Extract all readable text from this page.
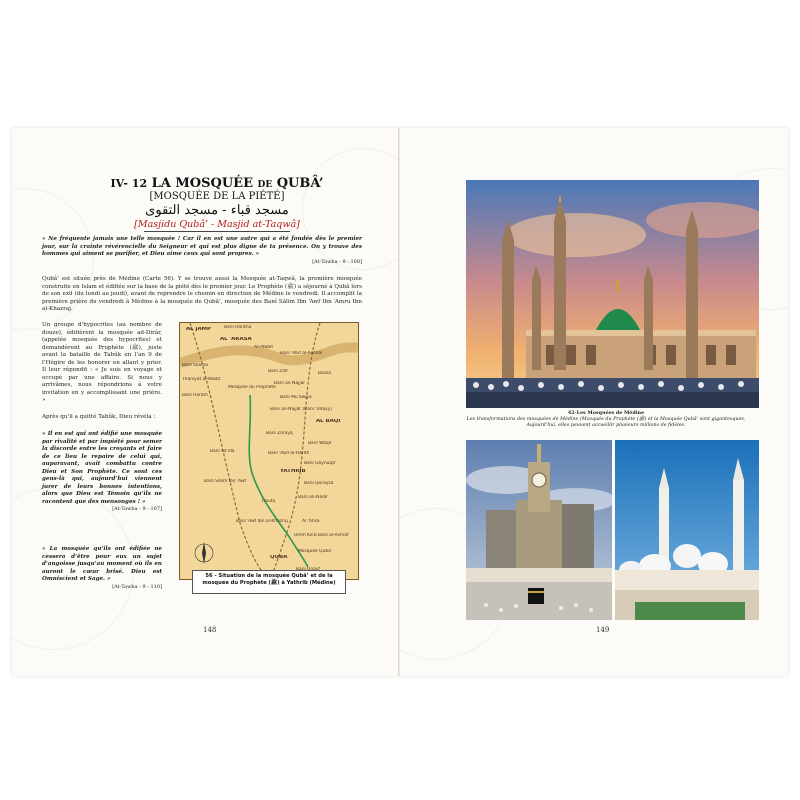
IV- 12 LA MOSQUÉE DE QUBÂ’
[MOSQUÉE DE LA PIÉTÉ]
مسجد قباء - مسجد التقوى
[Masjidu Qubâ’ - Masjid at-Taqwâ]

« Ne fréquente jamais une telle mosquée ! Car il en est une autre qui a été fondée dès le premier jour, sur la crainte révérencielle du Seigneur et qui est plus digne de ta présence. On y trouve des hommes qui aiment se purifier, et Dieu aime ceux qui sont propres. »
[At-Tawba - 9 : 108]

Qubâ’ est située près de Médine (Carte 56). Y se trouve aussi la Mosquée at-Taqwâ, la première mosquée construite en Islam et édifiée sur la base de la piété dès le premier jour. Le Prophète (ﷺ) a séjourné à Qubâ lors de son exil (du lundi au jeudi), avant de reprendre le chemin en direction de Médine le vendredi. Il accomplit la première prière du vendredi à Médine à la mosquée de Qubâ’, mosquée des Banî Sâlim Ibn ‘Awf Ibn ‘Amru Ibn al-Khazraj.

Un groupe d’hypocrites (au nombre de douze), édifièrent la mosquée ad-Dirâr, (appelée mosquée des hypocrites) et demandèrent au Prophète (ﷺ), juste avant la bataille de Tabûk en l’an 9 de l’Hégire de les honorer en allant y prier. Il leur répondit : « Je suis en voyage et occupé par une affaire. Si nous y arrivâmes, nous répondrions à votre invitation en y accomplissant une prière. »

Après qu’il a quitté Tabûk, Dieu révéla :

« Il en est qui ont édifié une mosquée par rivalité et par impiété pour semer la discorde entre les croyants et faire de ce lieu le repaire de celui qui, auparavant, avait combattu contre Dieu et Son Prophète. Ce sont ces gens-là qui, aujourd’hui viennent jurer de leurs bonnes intentions, alors que Dieu est Témoin qu’ils ne racontent que des mensonges ! »
[At-Tawba - 9 : 107]

« La mosquée qu’ils ont édifiée ne cessera d’être pour eux un sujet d’angoisse jusqu’au moment où ils en auront le cœur brisé. Dieu est Omniscient et Sage. »
[At-Tawba - 9 : 110]

AL JAMP
AL 'ARASA
Banî Hâritha
An-Nabit
Banî 'Abd al-Ashhal
Banî Salima
Thaniyat al-Wadâ'
Banî Zafr
Banî an-Najjâr
Banî Harâm
Mosquée du Prophète
Bassa
Banî Mu'âwiya
Banî an-Najjâr (Banî 'Udayy)
AL BAQI'
Banî Zarayq
Banî Wâqif
Banî Sâ'ida	Banî 'Abd al-Hârith
Banî Qaynuqâ'
YATHRIB
Banî Sâlim Ibn 'Awf	Banî Qurayza
Banî an-Nadîr
Hauta
Banî 'Awf Ibn al-Khazraj	Al 'Ahsa
Umm Ka'b Banî al-Ashraf
QUBA'
Mosquée Qubâ'
56 - Situation de la mosquée Qubâ’ et de la mosquée du Prophète (ﷺ) à Yathrib (Médine)
148
42-Les Mosquées de Médine
Les transformations des mosquées de Médine (Mosquée du Prophète (ﷺ) et la Mosquée Qubâ’ sont gigantesques. Aujourd’hui, elles peuvent accueillir plusieurs millions de fidèles.
149
